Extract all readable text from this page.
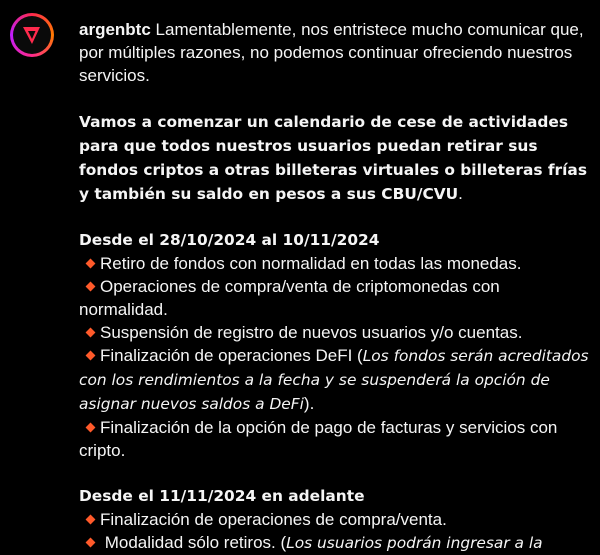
argenbtc Lamentablemente, nos entristece mucho comunicar que, por múltiples razones, no podemos continuar ofreciendo nuestros servicios.

Vamos a comenzar un calendario de cese de actividades para que todos nuestros usuarios puedan retirar sus fondos criptos a otras billeteras virtuales o billeteras frías y también su saldo en pesos a sus CBU/CVU.

Desde el 28/10/2024 al 10/11/2024
Retiro de fondos con normalidad en todas las monedas.
Operaciones de compra/venta de criptomonedas con normalidad.
Suspensión de registro de nuevos usuarios y/o cuentas.
Finalización de operaciones DeFI (Los fondos serán acreditados con los rendimientos a la fecha y se suspenderá la opción de asignar nuevos saldos a DeFi).
Finalización de la opción de pago de facturas y servicios con cripto.
Desde el 11/11/2024 en adelante
Finalización de operaciones de compra/venta.
Modalidad sólo retiros. (Los usuarios podrán ingresar a la
